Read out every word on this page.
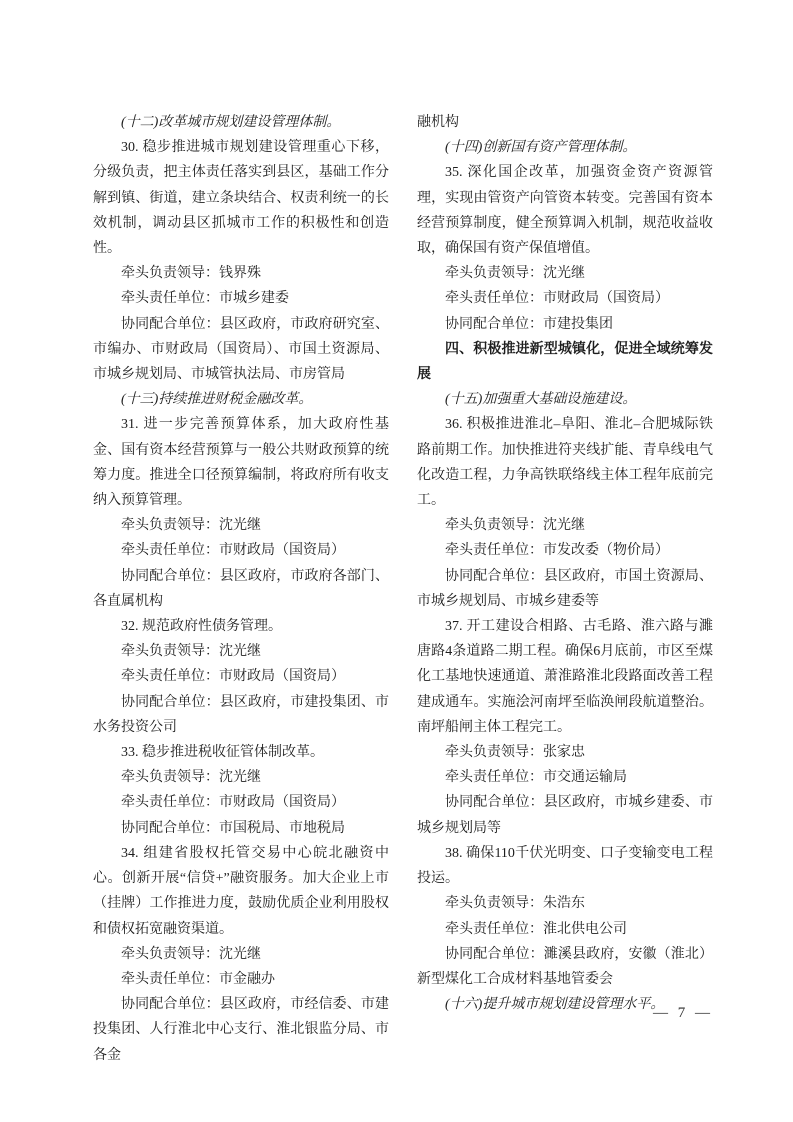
(十二)改革城市规划建设管理体制。

30. 稳步推进城市规划建设管理重心下移，分级负责，把主体责任落实到县区，基础工作分解到镇、街道，建立条块结合、权责利统一的长效机制，调动县区抓城市工作的积极性和创造性。

牵头负责领导：钱界殊

牵头责任单位：市城乡建委

协同配合单位：县区政府，市政府研究室、市编办、市财政局（国资局）、市国土资源局、市城乡规划局、市城管执法局、市房管局

(十三)持续推进财税金融改革。

31. 进一步完善预算体系，加大政府性基金、国有资本经营预算与一般公共财政预算的统筹力度。推进全口径预算编制，将政府所有收支纳入预算管理。

牵头负责领导：沈光继

牵头责任单位：市财政局（国资局）

协同配合单位：县区政府，市政府各部门、各直属机构

32. 规范政府性债务管理。

牵头负责领导：沈光继

牵头责任单位：市财政局（国资局）

协同配合单位：县区政府，市建投集团、市水务投资公司

33. 稳步推进税收征管体制改革。

牵头负责领导：沈光继

牵头责任单位：市财政局（国资局）

协同配合单位：市国税局、市地税局

34. 组建省股权托管交易中心皖北融资中心。创新开展“信贷+”融资服务。加大企业上市（挂牌）工作推进力度，鼓励优质企业利用股权和债权拓宽融资渠道。

牵头负责领导：沈光继

牵头责任单位：市金融办

协同配合单位：县区政府，市经信委、市建投集团、人行淮北中心支行、淮北银监分局、市各金

融机构

(十四)创新国有资产管理体制。

35. 深化国企改革，加强资金资产资源管理，实现由管资产向管资本转变。完善国有资本经营预算制度，健全预算调入机制，规范收益收取，确保国有资产保值增值。

牵头负责领导：沈光继

牵头责任单位：市财政局（国资局）

协同配合单位：市建投集团

四、积极推进新型城镇化，促进全域统筹发展

(十五)加强重大基础设施建设。

36. 积极推进淮北–阜阳、淮北–合肥城际铁路前期工作。加快推进符夹线扩能、青阜线电气化改造工程，力争高铁联络线主体工程年底前完工。

牵头负责领导：沈光继

牵头责任单位：市发改委（物价局）

协同配合单位：县区政府，市国土资源局、市城乡规划局、市城乡建委等

37. 开工建设合相路、古毛路、淮六路与濉唐路4条道路二期工程。确保6月底前，市区至煤化工基地快速通道、萧淮路淮北段路面改善工程建成通车。实施浍河南坪至临涣闸段航道整治。南坪船闸主体工程完工。

牵头负责领导：张家忠

牵头责任单位：市交通运输局

协同配合单位：县区政府，市城乡建委、市城乡规划局等

38. 确保110千伏光明变、口子变输变电工程投运。

牵头负责领导：朱浩东

牵头责任单位：淮北供电公司

协同配合单位：濉溪县政府，安徽（淮北）新型煤化工合成材料基地管委会

(十六)提升城市规划建设管理水平。

— 7 —
